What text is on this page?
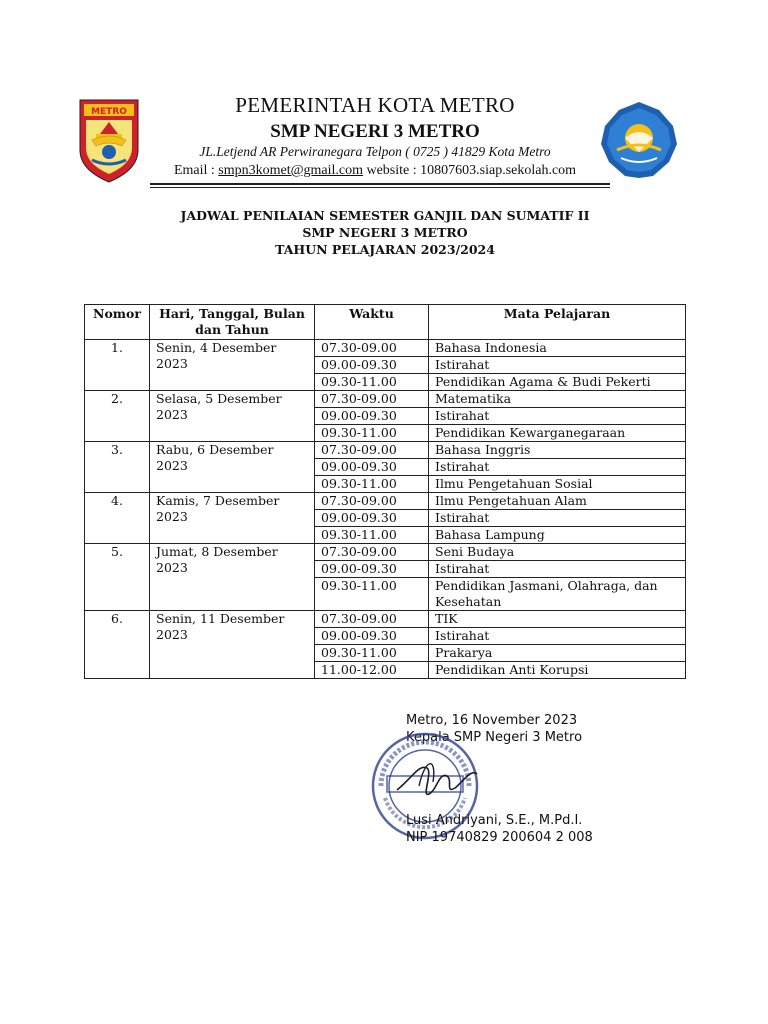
METRO	PEMERINTAH KOTA METRO
SMP NEGERI 3 METRO
JL.Letjend AR Perwiranegara Telpon ( 0725 ) 41829 Kota Metro
Email : smpn3komet@gmail.com website : 10807603.siap.sekolah.com
JADWAL PENILAIAN SEMESTER GANJIL DAN SUMATIF II
SMP NEGERI 3 METRO
TAHUN PELAJARAN 2023/2024
Nomor	Hari, Tanggal, Bulan dan Tahun	Waktu	Mata Pelajaran
1.	Senin, 4 Desember 2023	07.30-09.00	Bahasa Indonesia
		09.00-09.30	Istirahat
		09.30-11.00	Pendidikan Agama & Budi Pekerti
2.	Selasa, 5 Desember 2023	07.30-09.00	Matematika
		09.00-09.30	Istirahat
		09.30-11.00	Pendidikan Kewarganegaraan
3.	Rabu, 6 Desember 2023	07.30-09.00	Bahasa Inggris
		09.00-09.30	Istirahat
		09.30-11.00	Ilmu Pengetahuan Sosial
4.	Kamis, 7 Desember 2023	07.30-09.00	Ilmu Pengetahuan Alam
		09.00-09.30	Istirahat
		09.30-11.00	Bahasa Lampung
5.	Jumat, 8 Desember 2023	07.30-09.00	Seni Budaya
		09.00-09.30	Istirahat
		09.30-11.00	Pendidikan Jasmani, Olahraga, dan Kesehatan
6.	Senin, 11 Desember 2023	07.30-09.00	TIK
		09.00-09.30	Istirahat
		09.30-11.00	Prakarya
		11.00-12.00	Pendidikan Anti Korupsi
Metro, 16 November 2023
Kepala SMP Negeri 3 Metro
Lusi Andriyani, S.E., M.Pd.I.
NIP 19740829 200604 2 008
